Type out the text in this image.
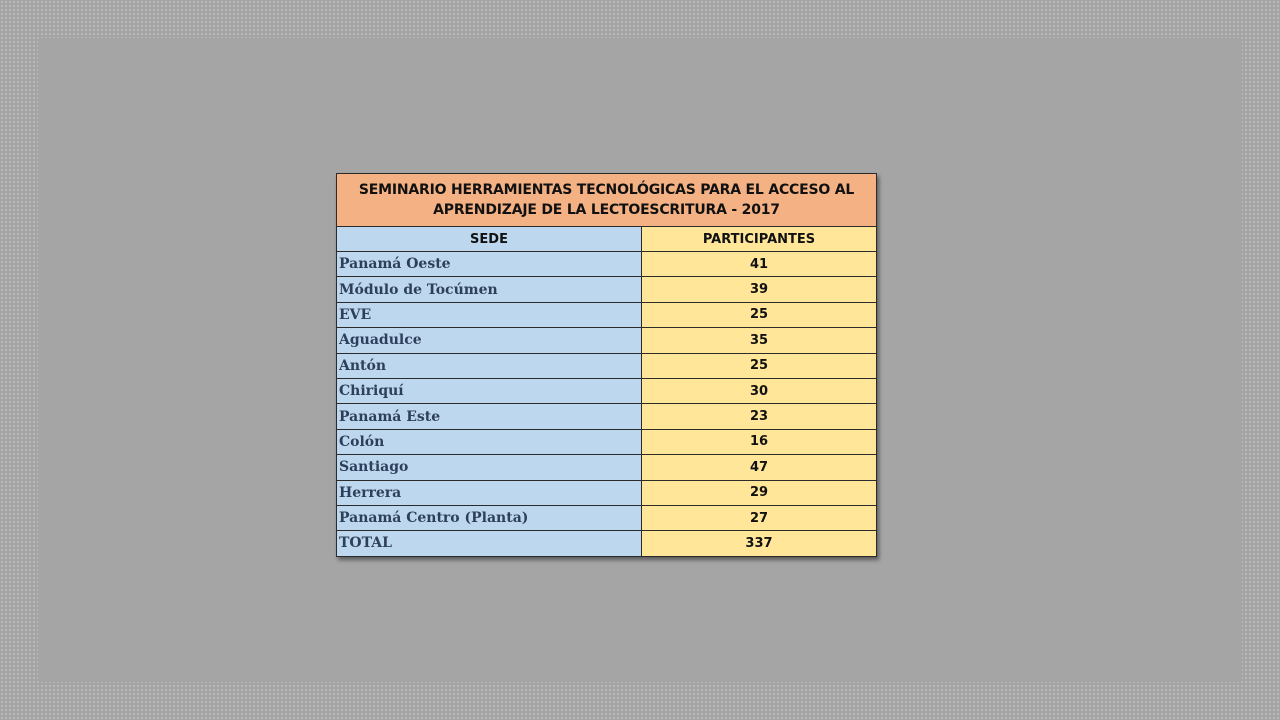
SEMINARIO HERRAMIENTAS TECNOLÓGICAS PARA EL ACCESO AL APRENDIZAJE DE LA LECTOESCRITURA - 2017	
SEDE	PARTICIPANTES
Panamá Oeste	41
Módulo de Tocúmen	39
EVE	25
Aguadulce	35
Antón	25
Chiriquí	30
Panamá Este	23
Colón	16
Santiago	47
Herrera	29
Panamá Centro (Planta)	27
TOTAL	337
